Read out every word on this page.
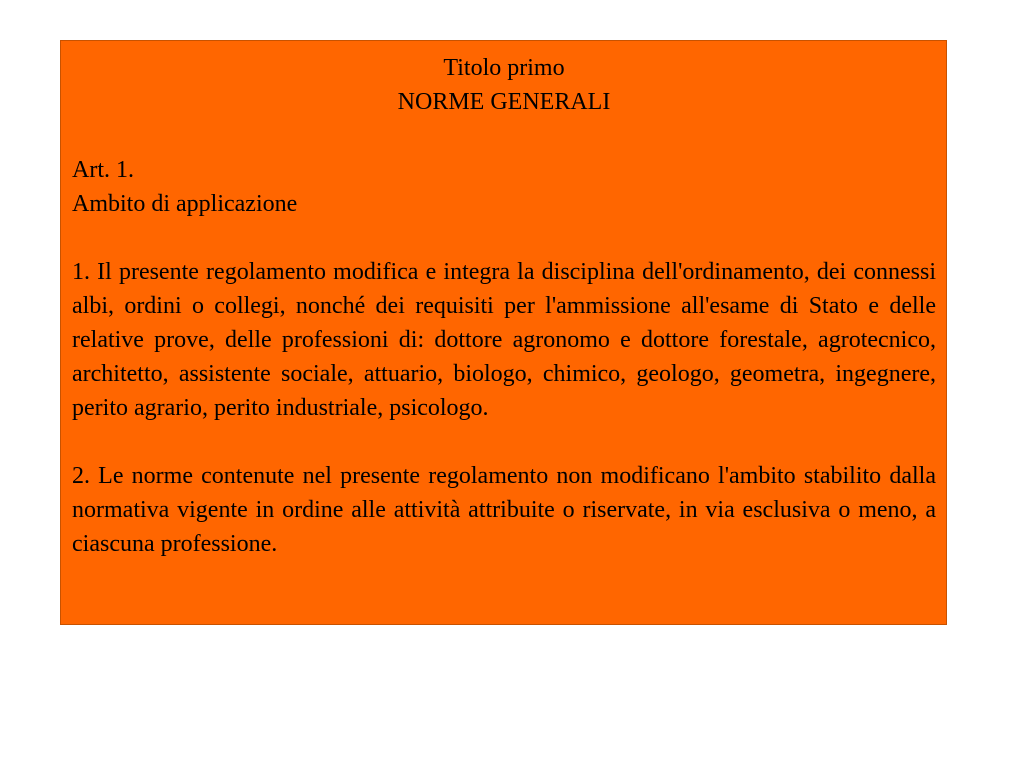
Titolo primo

NORME GENERALI

Art. 1.

Ambito di applicazione

1. Il presente regolamento modifica e integra la disciplina dell'ordinamento, dei connessi albi, ordini o collegi, nonché dei requisiti per l'ammissione all'esame di Stato e delle relative prove, delle professioni di: dottore agronomo e dottore forestale, agrotecnico, architetto, assistente sociale, attuario, biologo, chimico, geologo, geometra, ingegnere, perito agrario, perito industriale, psicologo.

2. Le norme contenute nel presente regolamento non modificano l'ambito stabilito dalla normativa vigente in ordine alle attività attribuite o riservate, in via esclusiva o meno, a ciascuna professione.
